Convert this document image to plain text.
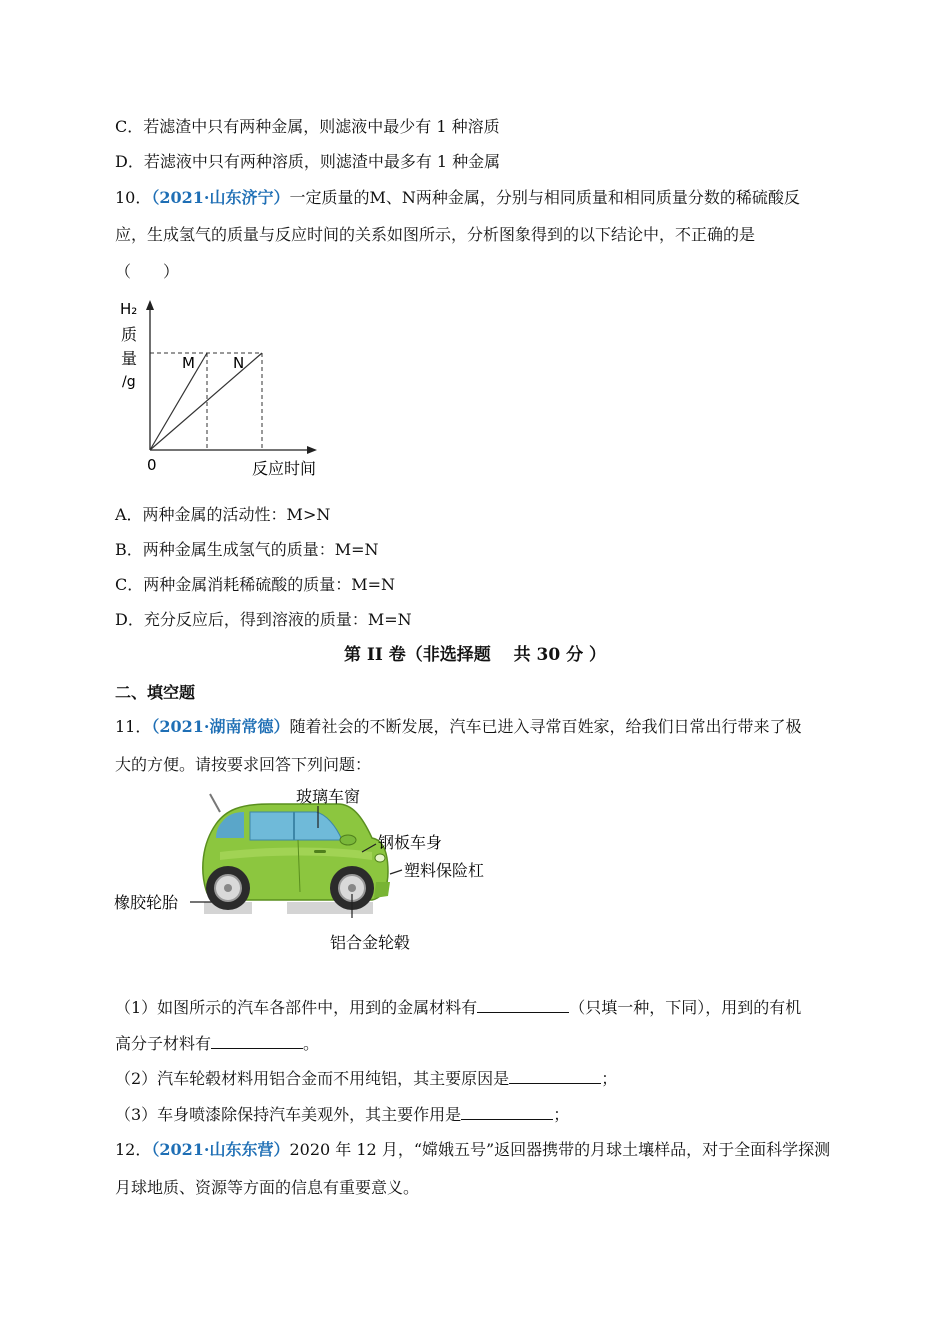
C．若滤渣中只有两种金属，则滤液中最少有 1 种溶质
D．若滤液中只有两种溶质，则滤渣中最多有 1 种金属
10．（2021·山东济宁）一定质量的M、N两种金属，分别与相同质量和相同质量分数的稀硫酸反
应，生成氢气的质量与反应时间的关系如图所示，分析图象得到的以下结论中，不正确的是
（　　）
H₂
质
量
/g
M	N
0	反应时间
A．两种金属的活动性：M>N
B．两种金属生成氢气的质量：M=N
C．两种金属消耗稀硫酸的质量：M=N
D．充分反应后，得到溶液的质量：M=N
第 II 卷（非选择题　 共 30 分 ）
二、填空题
11．（2021·湖南常德）随着社会的不断发展，汽车已进入寻常百姓家，给我们日常出行带来了极
大的方便。请按要求回答下列问题：
玻璃车窗
钢板车身
塑料保险杠
橡胶轮胎
铝合金轮毂
（1）如图所示的汽车各部件中，用到的金属材料有	（只填一种，下同），用到的有机
高分子材料有	。
（2）汽车轮毂材料用铝合金而不用纯铝，其主要原因是	；
（3）车身喷漆除保持汽车美观外，其主要作用是	；
12．（2021·山东东营）2020 年 12 月，“嫦娥五号”返回器携带的月球土壤样品，对于全面科学探测
月球地质、资源等方面的信息有重要意义。
